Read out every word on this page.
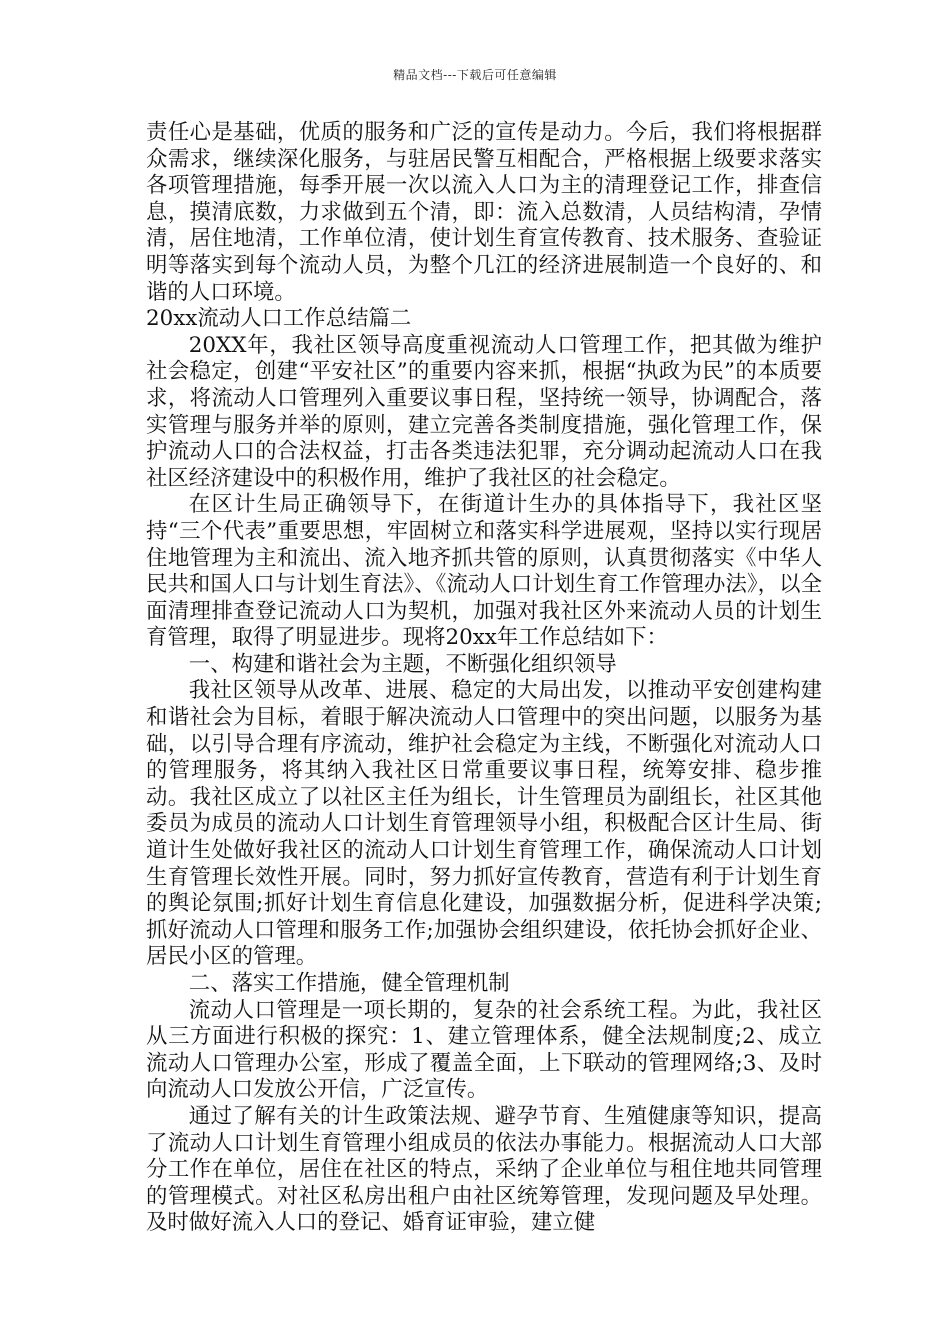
精品文档---下载后可任意编辑

责任心是基础，优质的服务和广泛的宣传是动力。今后，我们将根据群众需求，继续深化服务，与驻居民警互相配合，严格根据上级要求落实各项管理措施，每季开展一次以流入人口为主的清理登记工作，排查信息，摸清底数，力求做到五个清，即：流入总数清，人员结构清，孕情清，居住地清，工作单位清，使计划生育宣传教育、技术服务、查验证明等落实到每个流动人员，为整个几江的经济进展制造一个良好的、和谐的人口环境。

20xx流动人口工作总结篇二

20XX年，我社区领导高度重视流动人口管理工作，把其做为维护社会稳定，创建“平安社区”的重要内容来抓，根据“执政为民”的本质要求，将流动人口管理列入重要议事日程，坚持统一领导，协调配合，落实管理与服务并举的原则，建立完善各类制度措施，强化管理工作，保护流动人口的合法权益，打击各类违法犯罪，充分调动起流动人口在我社区经济建设中的积极作用，维护了我社区的社会稳定。

在区计生局正确领导下，在街道计生办的具体指导下，我社区坚持“三个代表”重要思想，牢固树立和落实科学进展观，坚持以实行现居住地管理为主和流出、流入地齐抓共管的原则，认真贯彻落实《中华人民共和国人口与计划生育法》、《流动人口计划生育工作管理办法》，以全面清理排查登记流动人口为契机，加强对我社区外来流动人员的计划生育管理，取得了明显进步。现将20xx年工作总结如下：

一、构建和谐社会为主题，不断强化组织领导

我社区领导从改革、进展、稳定的大局出发，以推动平安创建构建和谐社会为目标，着眼于解决流动人口管理中的突出问题，以服务为基础，以引导合理有序流动，维护社会稳定为主线，不断强化对流动人口的管理服务，将其纳入我社区日常重要议事日程，统筹安排、稳步推动。我社区成立了以社区主任为组长，计生管理员为副组长，社区其他委员为成员的流动人口计划生育管理领导小组，积极配合区计生局、街道计生处做好我社区的流动人口计划生育管理工作，确保流动人口计划生育管理长效性开展。同时，努力抓好宣传教育，营造有利于计划生育的舆论氛围;抓好计划生育信息化建设，加强数据分析，促进科学决策;抓好流动人口管理和服务工作;加强协会组织建设，依托协会抓好企业、居民小区的管理。

二、落实工作措施，健全管理机制

流动人口管理是一项长期的，复杂的社会系统工程。为此，我社区从三方面进行积极的探究：1、建立管理体系，健全法规制度;2、成立流动人口管理办公室，形成了覆盖全面，上下联动的管理网络;3、及时向流动人口发放公开信，广泛宣传。

通过了解有关的计生政策法规、避孕节育、生殖健康等知识，提高了流动人口计划生育管理小组成员的依法办事能力。根据流动人口大部分工作在单位，居住在社区的特点，采纳了企业单位与租住地共同管理的管理模式。对社区私房出租户由社区统筹管理，发现问题及早处理。及时做好流入人口的登记、婚育证审验，建立健
